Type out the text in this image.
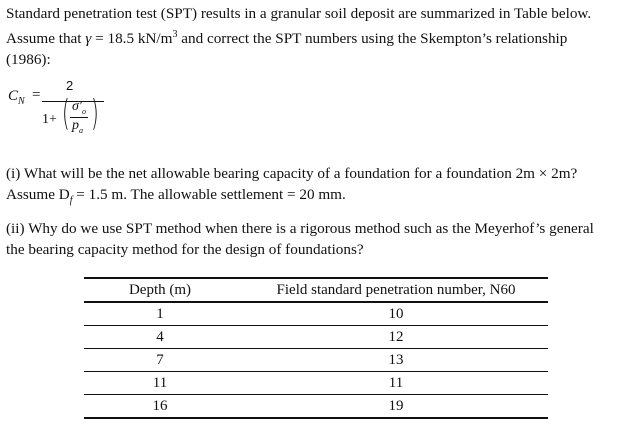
Standard penetration test (SPT) results in a granular soil deposit are summarized in Table below.
Assume that γ = 18.5 $kN/m^3$ and correct the SPT numbers using the Skempton’s relationship
(1986):

$C_N$ =
2
1+ ( $\sigma'_o$
$p_a$ )

(i) What will be the net allowable bearing capacity of a foundation for a foundation 2m × 2m?
Assume $D_f = 1.5$ m. The allowable settlement = 20 mm.

(ii) Why do we use SPT method when there is a rigorous method such as the Meyerhof’s general
the bearing capacity method for the design of foundations?

Depth (m)		Field standard penetration number, N60
1		10
4		12
7		13
11		11
16		19
